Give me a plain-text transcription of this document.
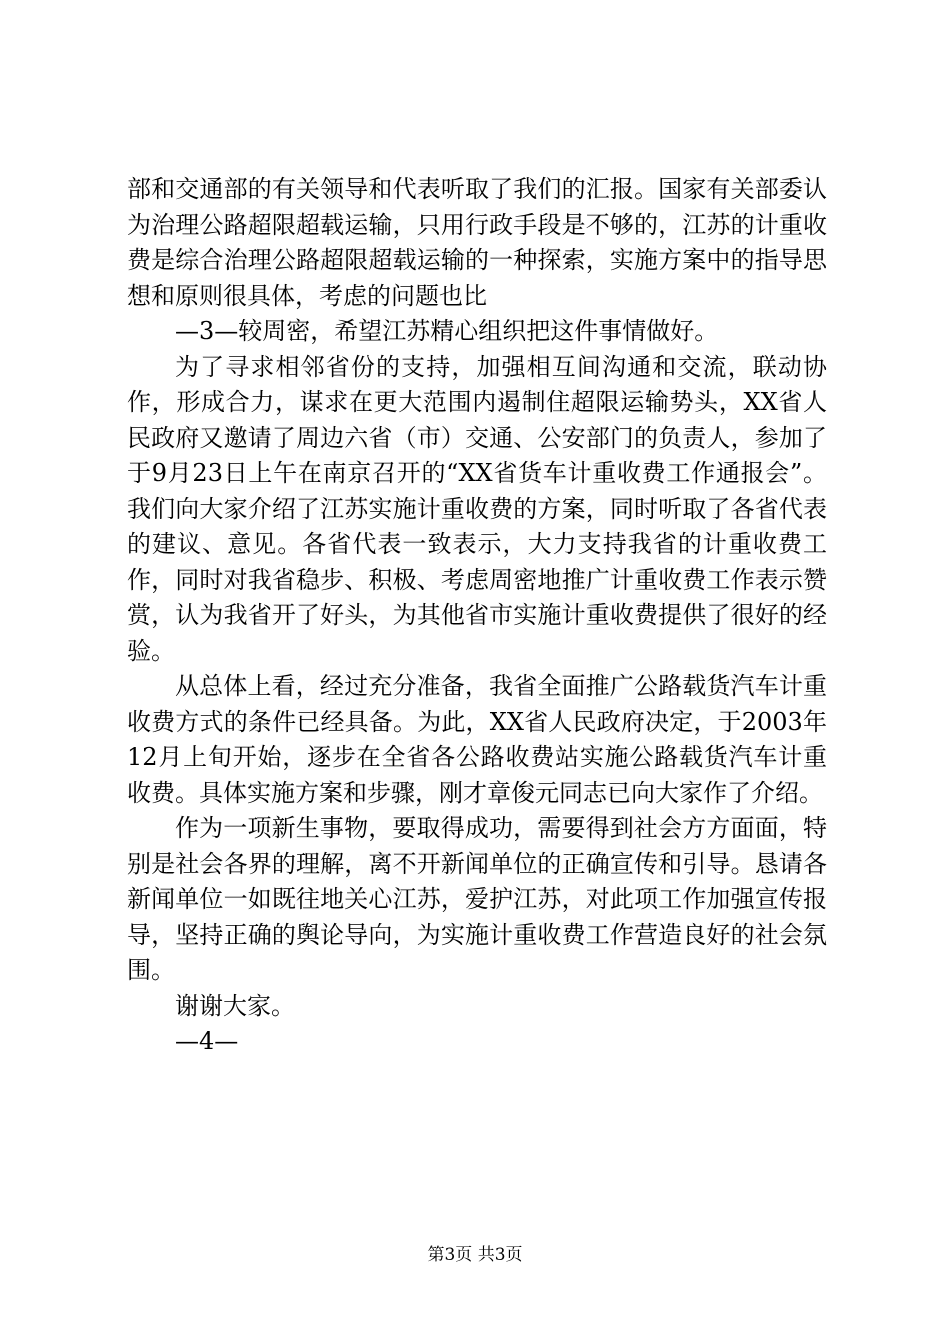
部和交通部的有关领导和代表听取了我们的汇报。国家有关部委认为治理公路超限超载运输，只用行政手段是不够的，江苏的计重收费是综合治理公路超限超载运输的一种探索，实施方案中的指导思想和原则很具体，考虑的问题也比

—3—较周密，希望江苏精心组织把这件事情做好。

为了寻求相邻省份的支持，加强相互间沟通和交流，联动协作，形成合力，谋求在更大范围内遏制住超限运输势头，XX省人民政府又邀请了周边六省（市）交通、公安部门的负责人，参加了于9月23日上午在南京召开的“XX省货车计重收费工作通报会”。我们向大家介绍了江苏实施计重收费的方案，同时听取了各省代表的建议、意见。各省代表一致表示，大力支持我省的计重收费工作，同时对我省稳步、积极、考虑周密地推广计重收费工作表示赞赏，认为我省开了好头，为其他省市实施计重收费提供了很好的经验。

从总体上看，经过充分准备，我省全面推广公路载货汽车计重收费方式的条件已经具备。为此，XX省人民政府决定，于2003年12月上旬开始，逐步在全省各公路收费站实施公路载货汽车计重收费。具体实施方案和步骤，刚才章俊元同志已向大家作了介绍。

作为一项新生事物，要取得成功，需要得到社会方方面面，特别是社会各界的理解，离不开新闻单位的正确宣传和引导。恳请各新闻单位一如既往地关心江苏，爱护江苏，对此项工作加强宣传报导，坚持正确的舆论导向，为实施计重收费工作营造良好的社会氛围。

谢谢大家。

—4—

第3页 共3页
